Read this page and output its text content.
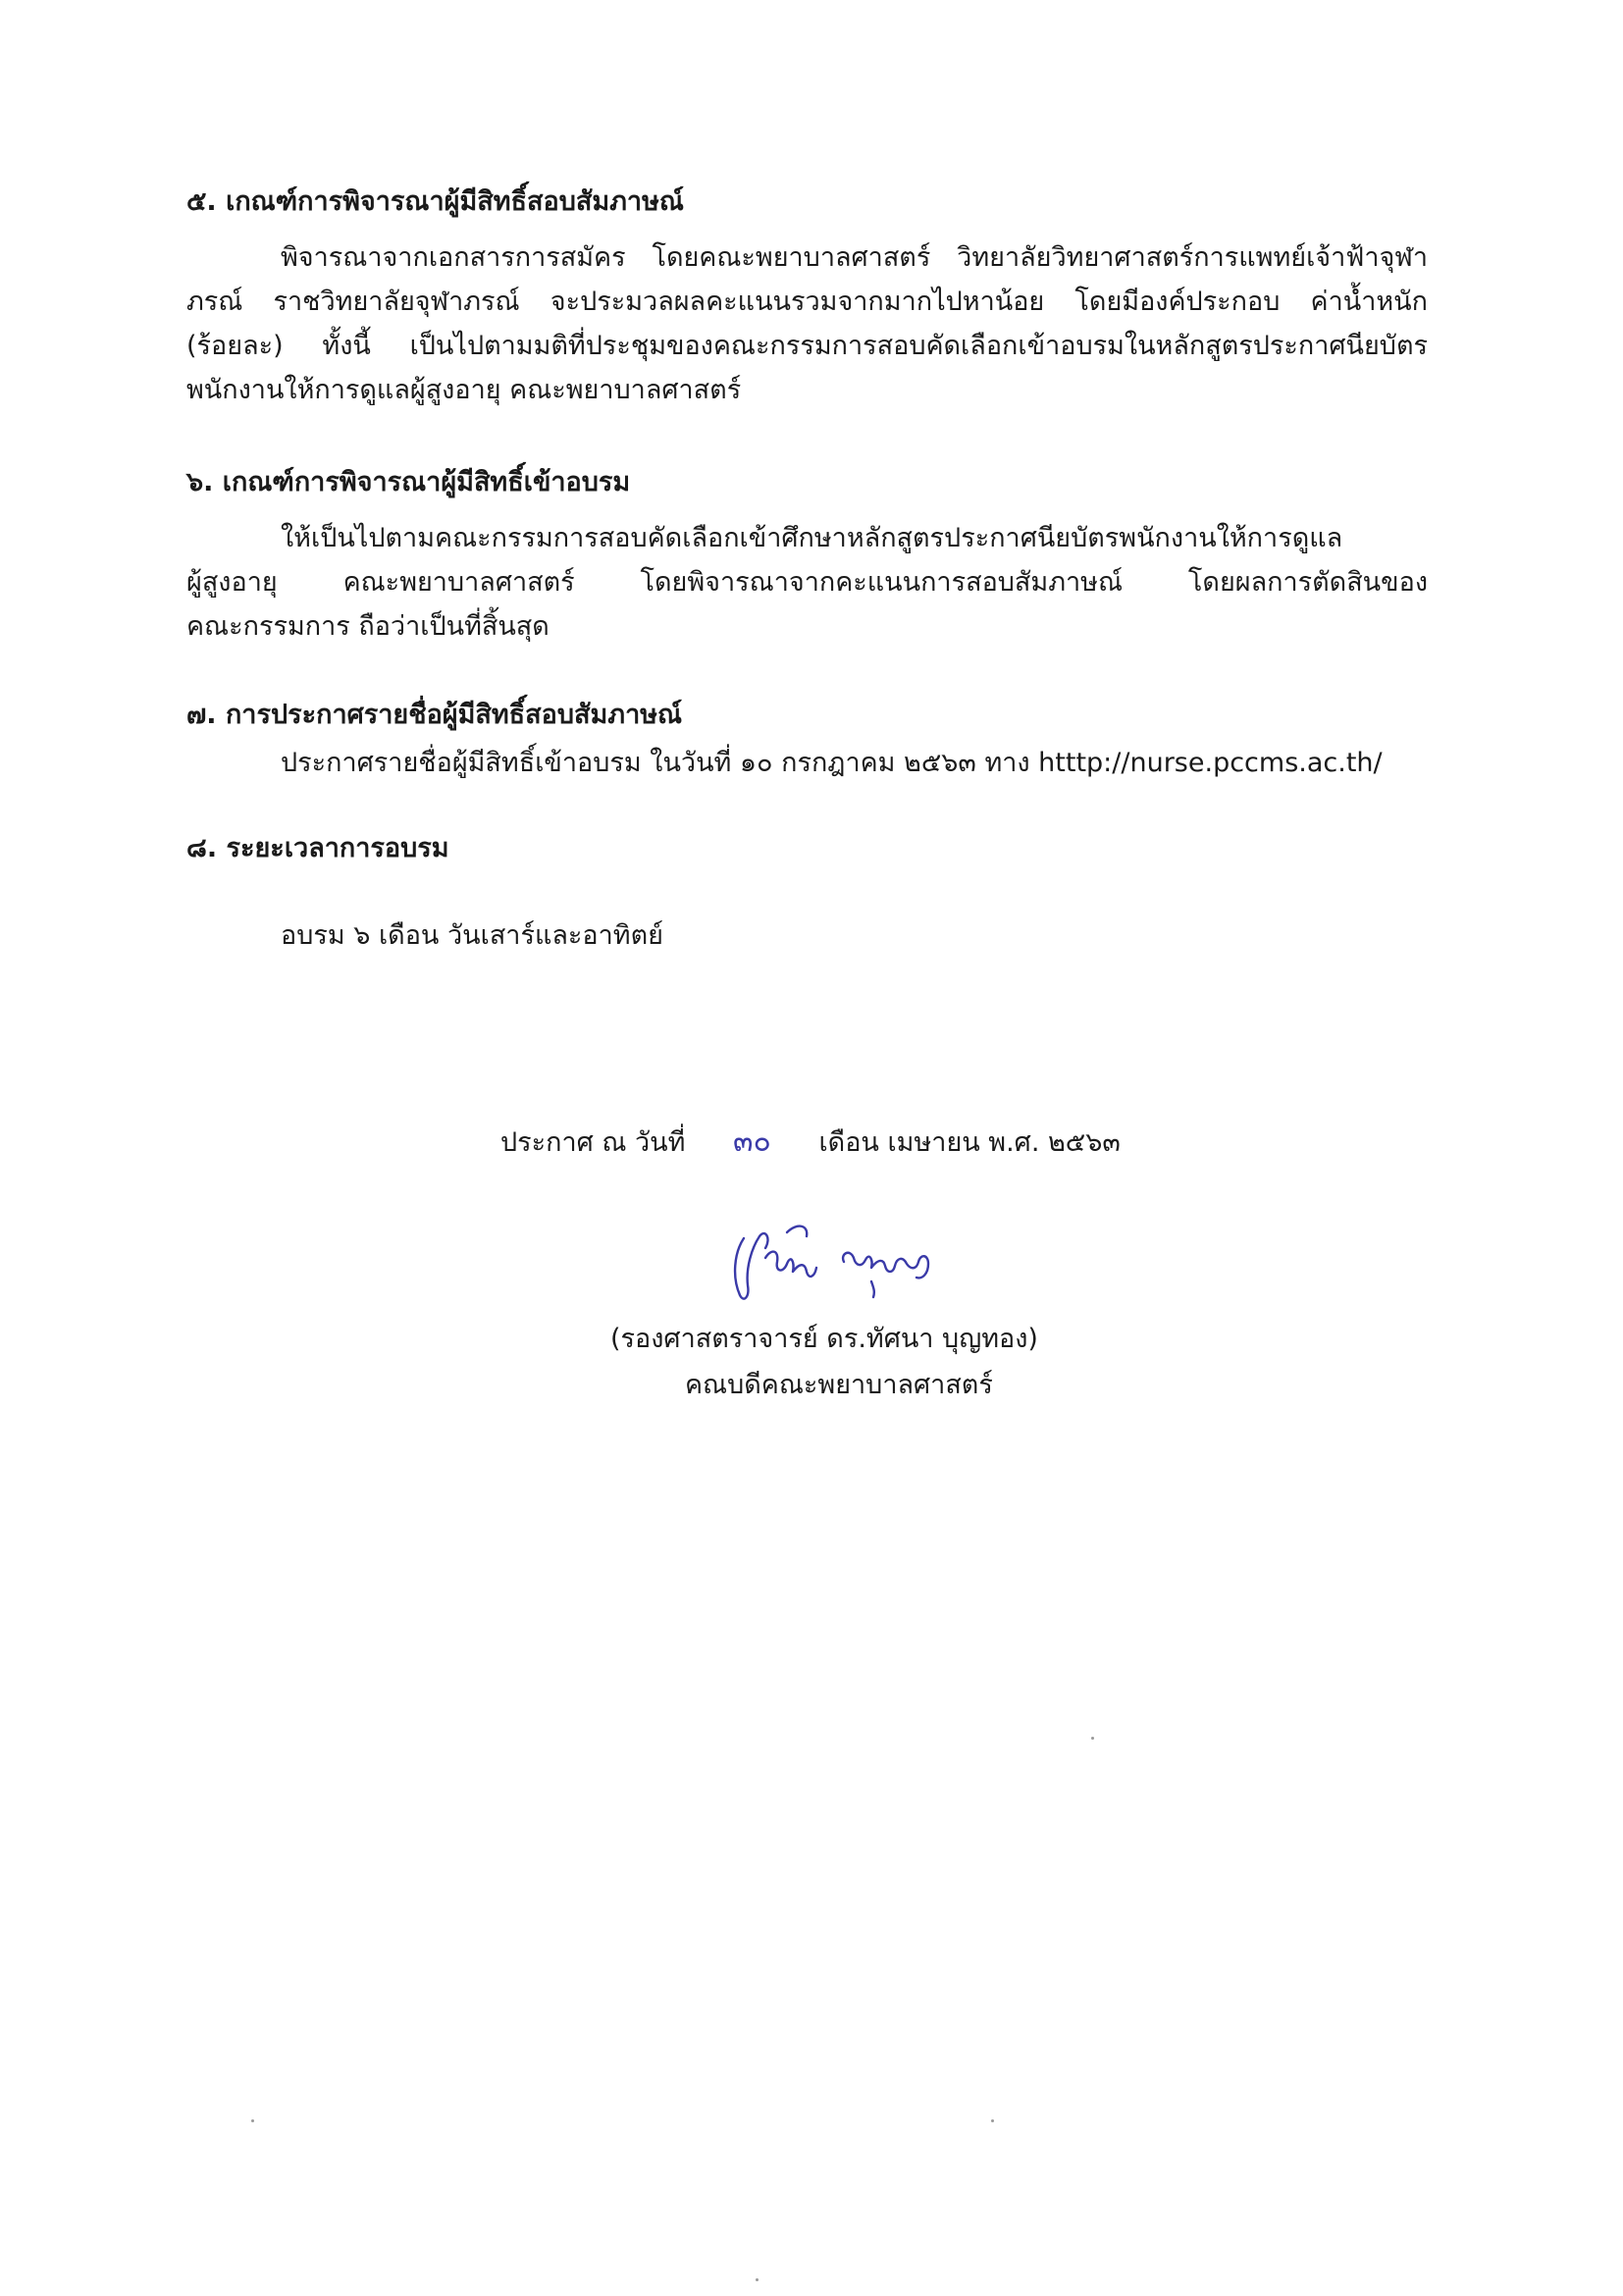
๕. เกณฑ์การพิจารณาผู้มีสิทธิ์สอบสัมภาษณ์

พิจารณาจากเอกสารการสมัคร โดยคณะพยาบาลศาสตร์ วิทยาลัยวิทยาศาสตร์การแพทย์เจ้าฟ้าจุฬา
ภรณ์ ราชวิทยาลัยจุฬาภรณ์ จะประมวลผลคะแนนรวมจากมากไปหาน้อย โดยมีองค์ประกอบ ค่าน้ำหนัก
(ร้อยละ) ทั้งนี้ เป็นไปตามมติที่ประชุมของคณะกรรมการสอบคัดเลือกเข้าอบรมในหลักสูตรประกาศนียบัตร
พนักงานให้การดูแลผู้สูงอายุ คณะพยาบาลศาสตร์

๖. เกณฑ์การพิจารณาผู้มีสิทธิ์เข้าอบรม

ให้เป็นไปตามคณะกรรมการสอบคัดเลือกเข้าศึกษาหลักสูตรประกาศนียบัตรพนักงานให้การดูแล
ผู้สูงอายุ คณะพยาบาลศาสตร์ โดยพิจารณาจากคะแนนการสอบสัมภาษณ์ โดยผลการตัดสินของ
คณะกรรมการ ถือว่าเป็นที่สิ้นสุด

๗. การประกาศรายชื่อผู้มีสิทธิ์สอบสัมภาษณ์

ประกาศรายชื่อผู้มีสิทธิ์เข้าอบรม ในวันที่ ๑๐ กรกฎาคม ๒๕๖๓ ทาง htttp://nurse.pccms.ac.th/

๘. ระยะเวลาการอบรม

อบรม ๖ เดือน วันเสาร์และอาทิตย์
ประกาศ ณ วันที่ ๓๐ เดือน เมษายน พ.ศ. ๒๕๖๓
(รองศาสตราจารย์ ดร.ทัศนา บุญทอง)
คณบดีคณะพยาบาลศาสตร์
